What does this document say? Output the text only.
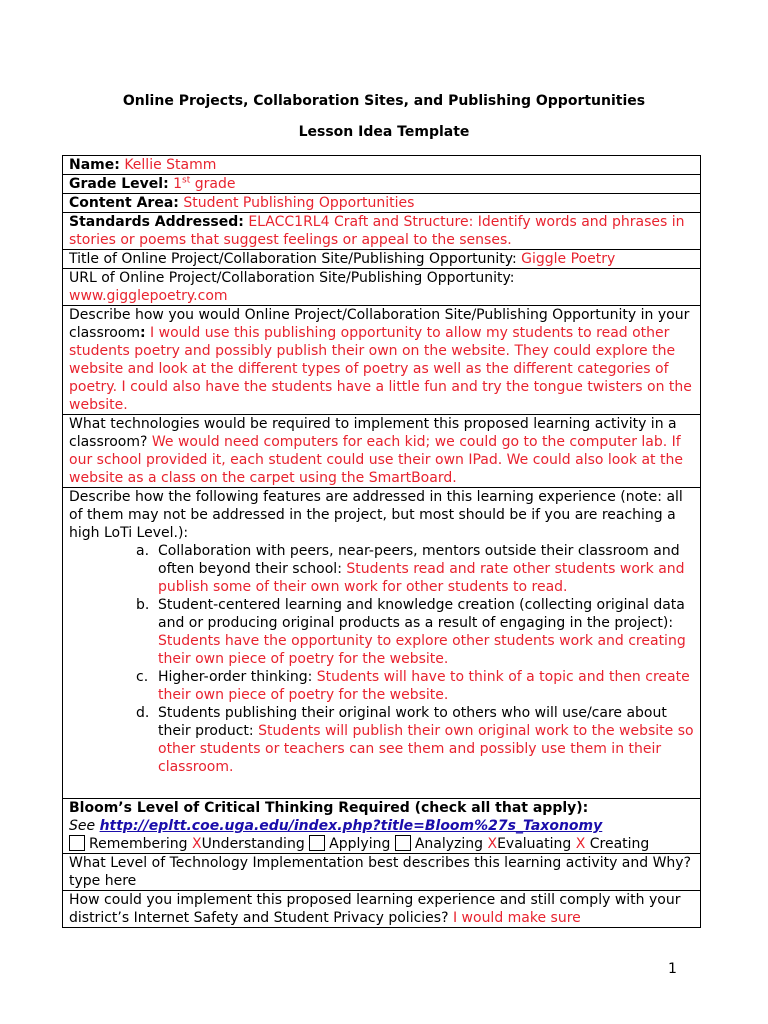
Online Projects, Collaboration Sites, and Publishing Opportunities
Lesson Idea Template
Name: Kellie Stamm
Grade Level: 1st grade
Content Area: Student Publishing Opportunities
Standards Addressed: ELACC1RL4 Craft and Structure: Identify words and phrases in stories or poems that suggest feelings or appeal to the senses.
Title of Online Project/Collaboration Site/Publishing Opportunity: Giggle Poetry
URL of Online Project/Collaboration Site/Publishing Opportunity:
www.gigglepoetry.com
Describe how you would Online Project/Collaboration Site/Publishing Opportunity in your classroom: I would use this publishing opportunity to allow my students to read other students poetry and possibly publish their own on the website. They could explore the website and look at the different types of poetry as well as the different categories of poetry. I could also have the students have a little fun and try the tongue twisters on the website.
What technologies would be required to implement this proposed learning activity in a classroom? We would need computers for each kid; we could go to the computer lab. If our school provided it, each student could use their own IPad. We could also look at the website as a class on the carpet using the SmartBoard.

Describe how the following features are addressed in this learning experience (note: all of them may not be addressed in the project, but most should be if you are reaching a high LoTi Level.):
a. Collaboration with peers, near-peers, mentors outside their classroom and often beyond their school: Students read and rate other students work and publish some of their own work for other students to read.
b. Student-centered learning and knowledge creation (collecting original data and or producing original products as a result of engaging in the project): Students have the opportunity to explore other students work and creating their own piece of poetry for the website.
c. Higher-order thinking: Students will have to think of a topic and then create their own piece of poetry for the website.
d. Students publishing their original work to others who will use/care about their product: Students will publish their own original work to the website so other students or teachers can see them and possibly use them in their classroom.

Bloom’s Level of Critical Thinking Required (check all that apply):
See http://epltt.coe.uga.edu/index.php?title=Bloom%27s_Taxonomy
Remembering XUnderstanding Applying Analyzing XEvaluating X Creating
What Level of Technology Implementation best describes this learning activity and Why? type here
How could you implement this proposed learning experience and still comply with your district’s Internet Safety and Student Privacy policies? I would make sure
1
